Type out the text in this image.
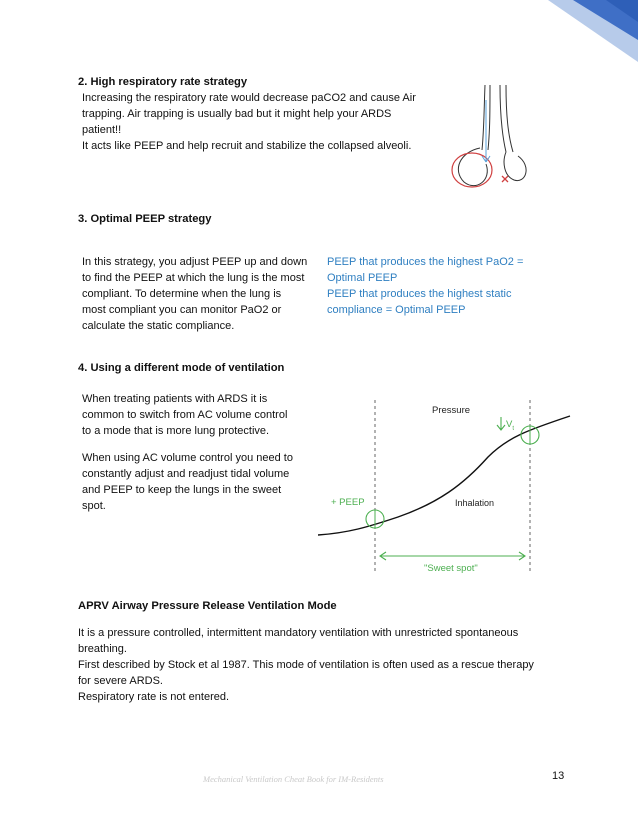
2. High respiratory rate strategy
Increasing the respiratory rate would decrease paCO2 and cause Air
trapping. Air trapping is usually bad but it might help your ARDS
patient!!
It acts like PEEP and help recruit and stabilize the collapsed alveoli.
3. Optimal PEEP strategy
In this strategy, you adjust PEEP up and down
to find the PEEP at which the lung is the most
compliant. To determine when the lung is
most compliant you can monitor PaO2 or
calculate the static compliance.
PEEP that produces the highest PaO2 =
Optimal PEEP
PEEP that produces the highest static
compliance = Optimal PEEP
4. Using a different mode of ventilation
When treating patients with ARDS it is
common to switch from AC volume control
to a mode that is more lung protective.
When using AC volume control you need to
constantly adjust and readjust tidal volume
and PEEP to keep the lungs in the sweet
spot.
Pressure
$V_t$
+ PEEP	Inhalation
"Sweet spot"
APRV Airway Pressure Release Ventilation Mode
It is a pressure controlled, intermittent mandatory ventilation with unrestricted spontaneous
breathing.
First described by Stock et al 1987. This mode of ventilation is often used as a rescue therapy
for severe ARDS.
Respiratory rate is not entered.
Mechanical Ventilation Cheat Book for IM-Residents	13
